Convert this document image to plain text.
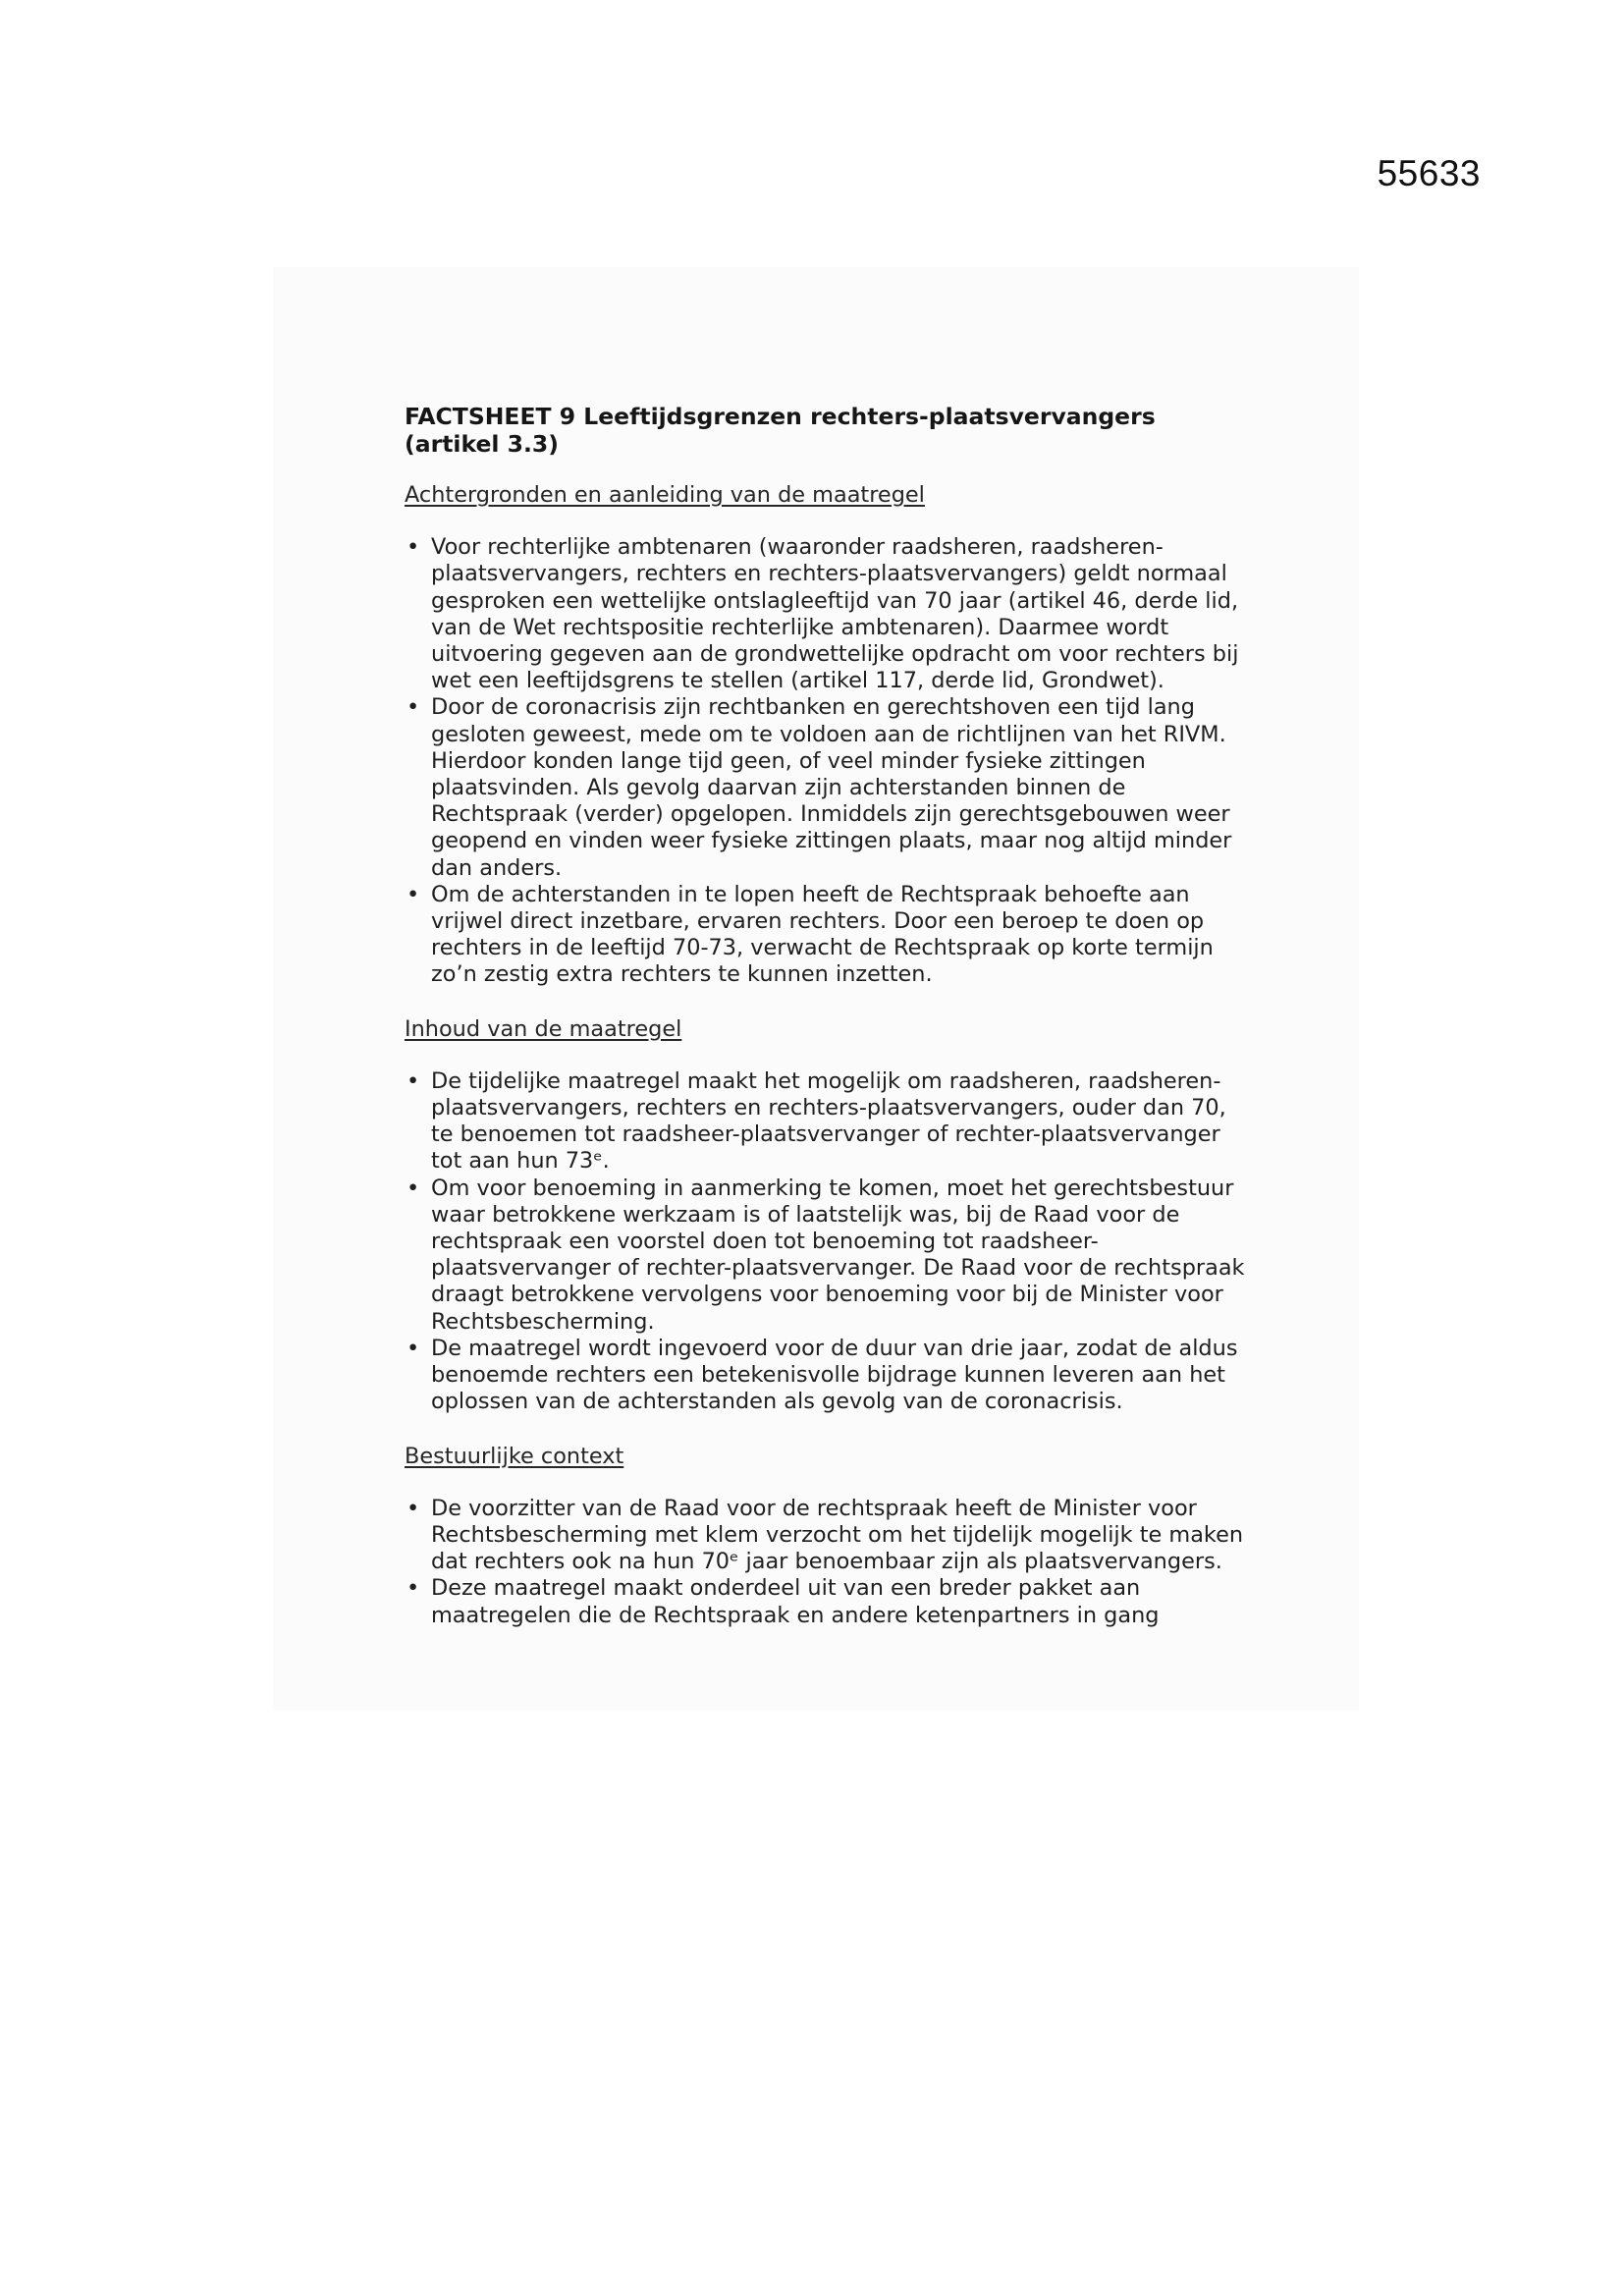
55633
FACTSHEET 9 Leeftijdsgrenzen rechters-plaatsvervangers (artikel 3.3)
Achtergronden en aanleiding van de maatregel
• Voor rechterlijke ambtenaren (waaronder raadsheren, raadsheren-plaatsvervangers, rechters en rechters-plaatsvervangers) geldt normaal gesproken een wettelijke ontslagleeftijd van 70 jaar (artikel 46, derde lid, van de Wet rechtspositie rechterlijke ambtenaren). Daarmee wordt uitvoering gegeven aan de grondwettelijke opdracht om voor rechters bij wet een leeftijdsgrens te stellen (artikel 117, derde lid, Grondwet).
• Door de coronacrisis zijn rechtbanken en gerechtshoven een tijd lang gesloten geweest, mede om te voldoen aan de richtlijnen van het RIVM. Hierdoor konden lange tijd geen, of veel minder fysieke zittingen plaatsvinden. Als gevolg daarvan zijn achterstanden binnen de Rechtspraak (verder) opgelopen. Inmiddels zijn gerechtsgebouwen weer geopend en vinden weer fysieke zittingen plaats, maar nog altijd minder dan anders.
• Om de achterstanden in te lopen heeft de Rechtspraak behoefte aan vrijwel direct inzetbare, ervaren rechters. Door een beroep te doen op rechters in de leeftijd 70-73, verwacht de Rechtspraak op korte termijn zo’n zestig extra rechters te kunnen inzetten.
Inhoud van de maatregel
• De tijdelijke maatregel maakt het mogelijk om raadsheren, raadsheren-plaatsvervangers, rechters en rechters-plaatsvervangers, ouder dan 70, te benoemen tot raadsheer-plaatsvervanger of rechter-plaatsvervanger tot aan hun 73ᵉ.
• Om voor benoeming in aanmerking te komen, moet het gerechtsbestuur waar betrokkene werkzaam is of laatstelijk was, bij de Raad voor de rechtspraak een voorstel doen tot benoeming tot raadsheer-plaatsvervanger of rechter-plaatsvervanger. De Raad voor de rechtspraak draagt betrokkene vervolgens voor benoeming voor bij de Minister voor Rechtsbescherming.
• De maatregel wordt ingevoerd voor de duur van drie jaar, zodat de aldus benoemde rechters een betekenisvolle bijdrage kunnen leveren aan het oplossen van de achterstanden als gevolg van de coronacrisis.
Bestuurlijke context
• De voorzitter van de Raad voor de rechtspraak heeft de Minister voor Rechtsbescherming met klem verzocht om het tijdelijk mogelijk te maken dat rechters ook na hun 70ᵉ jaar benoembaar zijn als plaatsvervangers.
• Deze maatregel maakt onderdeel uit van een breder pakket aan maatregelen die de Rechtspraak en andere ketenpartners in gang
